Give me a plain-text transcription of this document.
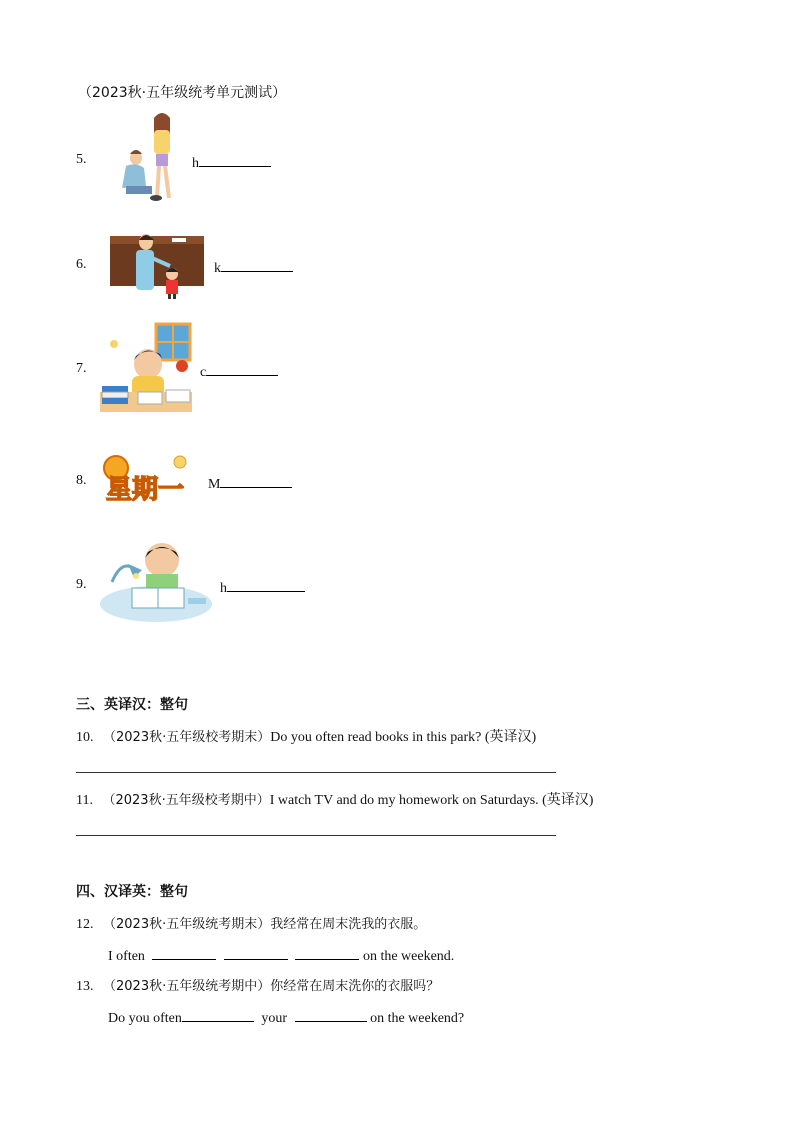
（2023秋·五年级统考单元测试）
5.	h
6.	k
7.	c
8. 星期一 M
9.	h
三、英译汉：整句
10. （2023秋·五年级校考期末）Do you often read books in this park? (英译汉)
11. （2023秋·五年级校考期中）I watch TV and do my homework on Saturdays. (英译汉)
四、汉译英：整句
12. （2023秋·五年级统考期末）我经常在周末洗我的衣服。
I often	on the weekend.
13. （2023秋·五年级统考期中）你经常在周末洗你的衣服吗？
Do you often	your	on the weekend?
